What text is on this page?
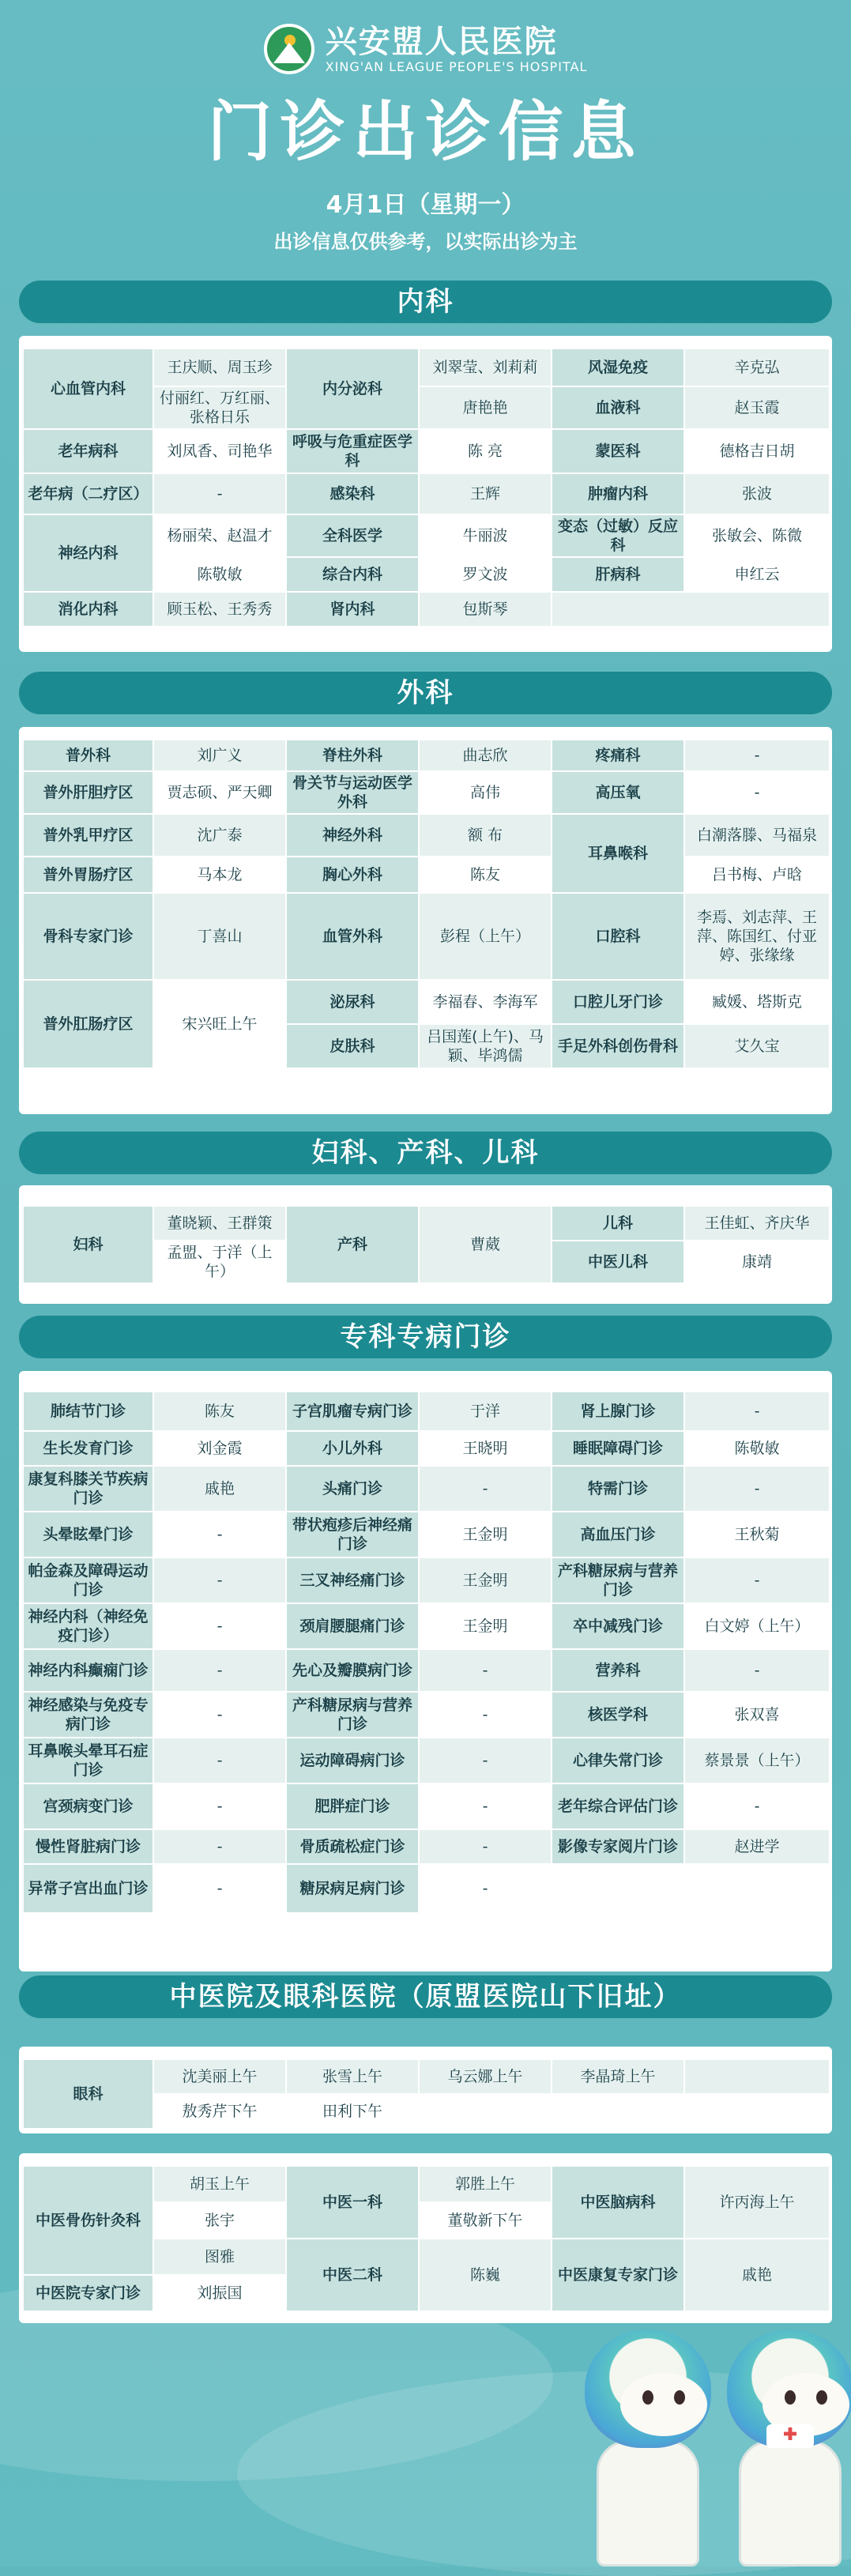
兴安盟人民医院
XING'AN LEAGUE PEOPLE'S HOSPITAL
门诊出诊信息
4月1日（星期一）
出诊信息仅供参考，以实际出诊为主
内科
心血管内科	王庆顺、周玉珍	内分泌科	刘翠莹、刘莉莉	风湿免疫	辛克弘
	付丽红、万红丽、张格日乐		唐艳艳	血液科	赵玉霞
老年病科	刘凤香、司艳华	呼吸与危重症医学科	陈 亮	蒙医科	德格吉日胡
老年病（二疗区）	-	感染科	王辉	肿瘤内科	张波
神经内科	杨丽荣、赵温才	全科医学	牛丽波	变态（过敏）反应科	张敏会、陈微
	陈敬敏	综合内科	罗文波	肝病科	申红云
消化内科	顾玉松、王秀秀	肾内科	包斯琴		
外科
普外科	刘广义	脊柱外科	曲志欣	疼痛科	-
普外肝胆疗区	贾志硕、严天卿	骨关节与运动医学外科	高伟	高压氧	-
普外乳甲疗区	沈广泰	神经外科	额 布	耳鼻喉科	白潮落滕、马福泉
普外胃肠疗区	马本龙	胸心外科	陈友		吕书梅、卢晗
骨科专家门诊	丁喜山	血管外科	彭程（上午）	口腔科	李焉、刘志萍、王萍、陈国红、付亚婷、张缘缘
普外肛肠疗区	宋兴旺上午	泌尿科	李福春、李海军	口腔儿牙门诊	臧媛、塔斯克
		皮肤科	吕国莲(上午)、马颖、毕鸿儒	手足外科创伤骨科	艾久宝
妇科、产科、儿科
妇科	董晓颖、王群策	产科	曹葳	儿科	王佳虹、齐庆华
	孟盟、于洋（上午）			中医儿科	康靖
专科专病门诊
肺结节门诊	陈友	子宫肌瘤专病门诊	于洋	肾上腺门诊	-
生长发育门诊	刘金霞	小儿外科	王晓明	睡眠障碍门诊	陈敬敏
康复科膝关节疾病门诊	戚艳	头痛门诊	-	特需门诊	-
头晕眩晕门诊	-	带状疱疹后神经痛门诊	王金明	高血压门诊	王秋菊
帕金森及障碍运动门诊	-	三叉神经痛门诊	王金明	产科糖尿病与营养门诊	-
神经内科（神经免疫门诊）	-	颈肩腰腿痛门诊	王金明	卒中减残门诊	白文婷（上午）
神经内科癫痫门诊	-	先心及瓣膜病门诊	-	营养科	-
神经感染与免疫专病门诊	-	产科糖尿病与营养门诊	-	核医学科	张双喜
耳鼻喉头晕耳石症门诊	-	运动障碍病门诊	-	心律失常门诊	蔡景景（上午）
宫颈病变门诊	-	肥胖症门诊	-	老年综合评估门诊	-
慢性肾脏病门诊	-	骨质疏松症门诊	-	影像专家阅片门诊	赵进学
异常子宫出血门诊	-	糖尿病足病门诊	-		
中医院及眼科医院（原盟医院山下旧址）
眼科	沈美丽上午	张雪上午	乌云娜上午	李晶琦上午	
	敖秀芹下午	田利下午			
中医骨伤针灸科	胡玉上午	中医一科	郭胜上午	中医脑病科	许丙海上午
	张宇		董敬新下午		
	图雅	中医二科	陈巍	中医康复专家门诊	戚艳
中医院专家门诊	刘振国				
